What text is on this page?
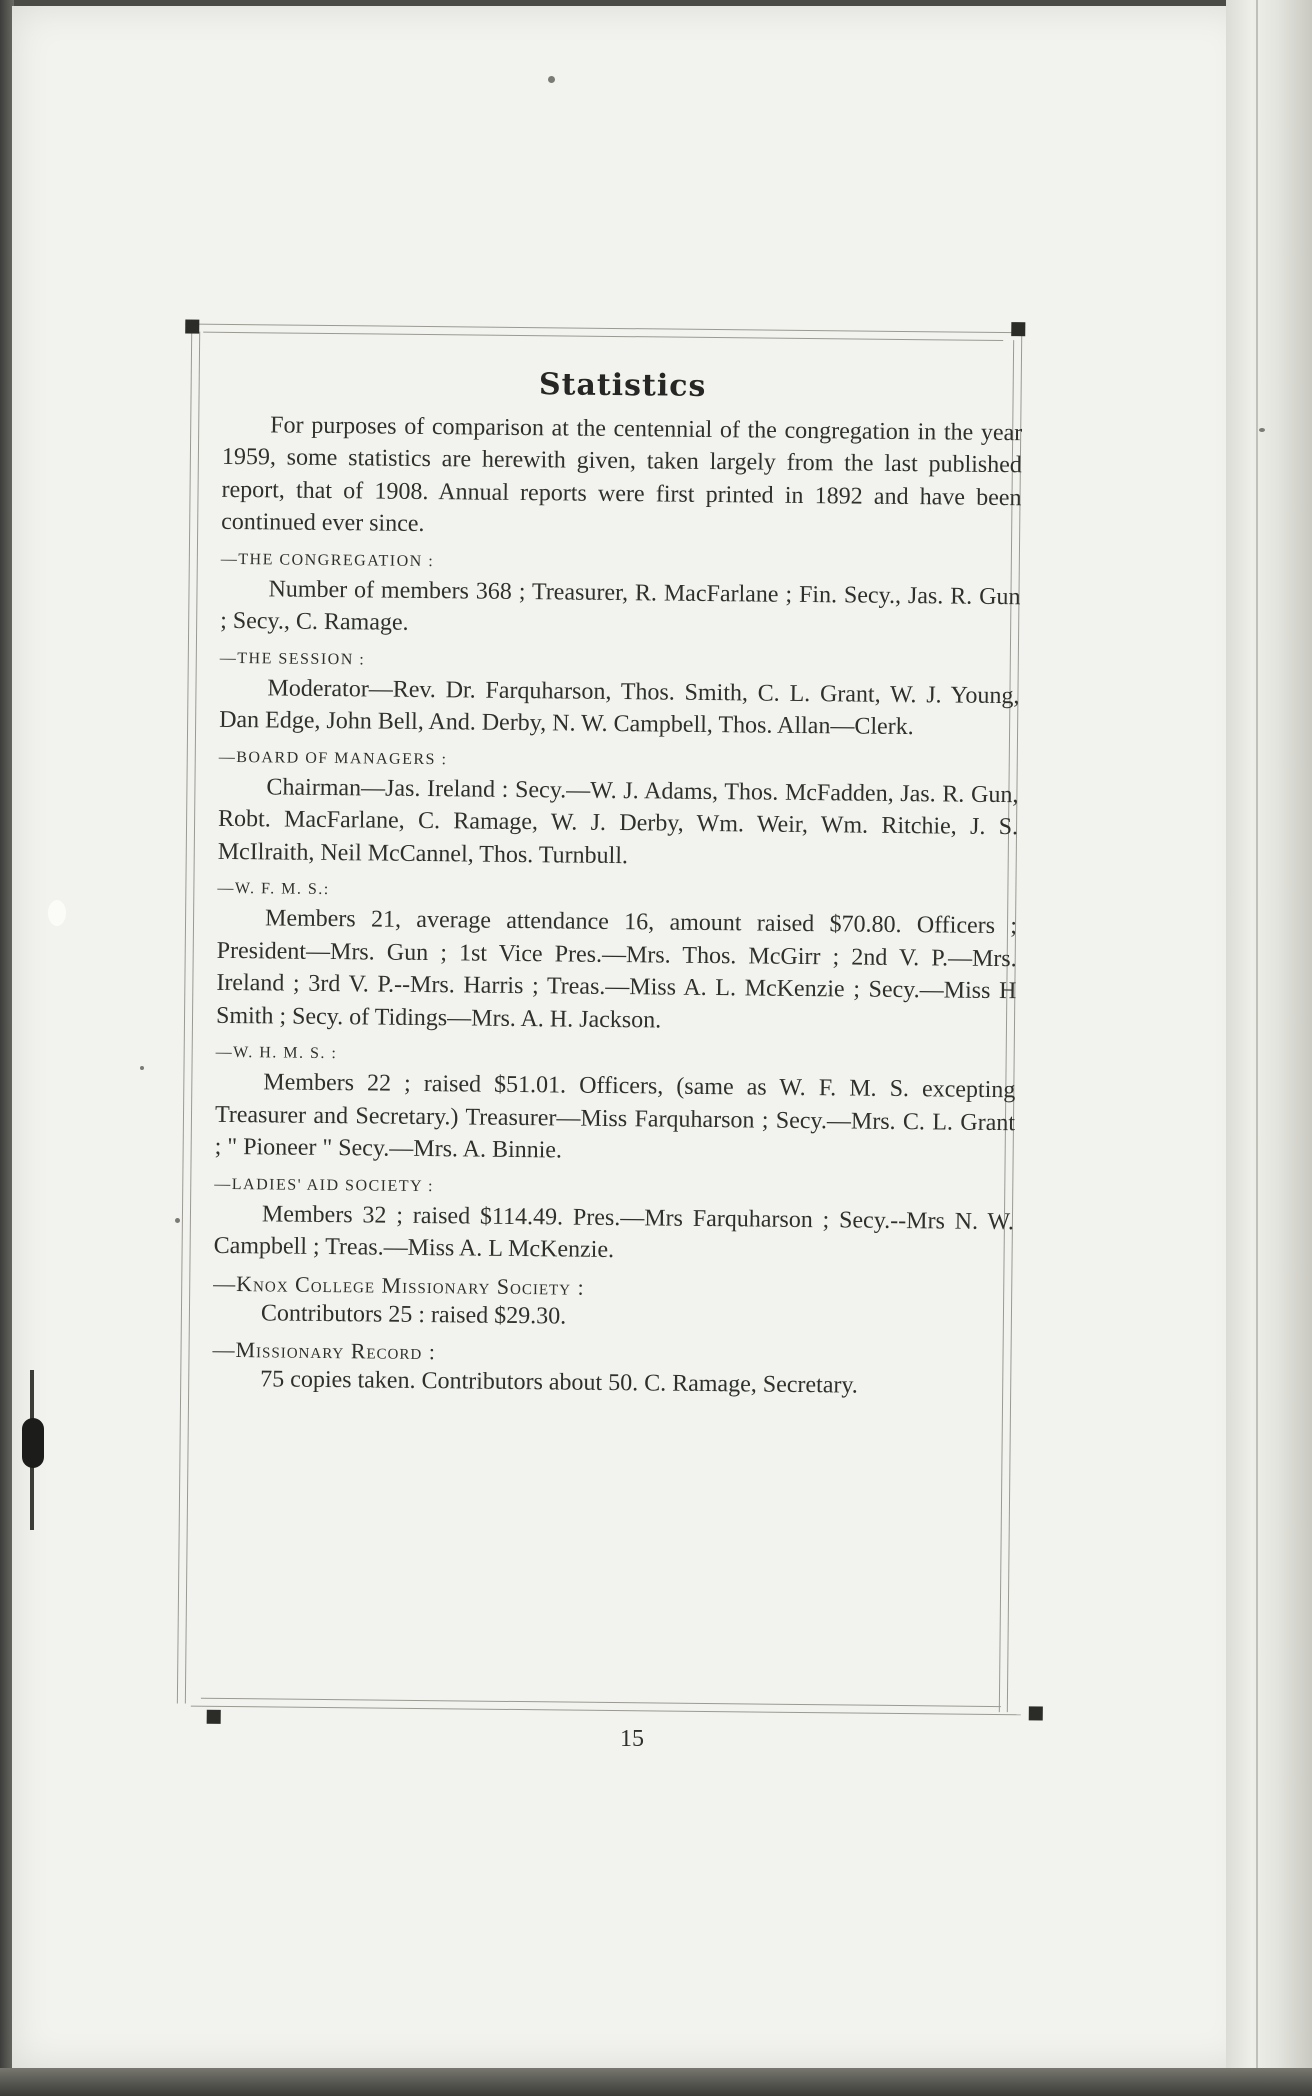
Statistics

For purposes of comparison at the centennial of the congregation in the year 1959, some statistics are herewith given, taken largely from the last published report, that of 1908. Annual reports were first printed in 1892 and have been continued ever since.

—THE CONGREGATION :

Number of members 368 ; Treasurer, R. MacFarlane ; Fin. Secy., Jas. R. Gun ; Secy., C. Ramage.

—THE SESSION :

Moderator—Rev. Dr. Farquharson, Thos. Smith, C. L. Grant, W. J. Young, Dan Edge, John Bell, And. Derby, N. W. Campbell, Thos. Allan—Clerk.

—BOARD OF MANAGERS :

Chairman—Jas. Ireland : Secy.—W. J. Adams, Thos. McFadden, Jas. R. Gun, Robt. MacFarlane, C. Ramage, W. J. Derby, Wm. Weir, Wm. Ritchie, J. S. McIlraith, Neil McCannel, Thos. Turnbull.

—W. F. M. S.:

Members 21, average attendance 16, amount raised $70.80. Officers ; President—Mrs. Gun ; 1st Vice Pres.—Mrs. Thos. McGirr ; 2nd V. P.—Mrs. Ireland ; 3rd V. P.--Mrs. Harris ; Treas.—Miss A. L. McKenzie ; Secy.—Miss H Smith ; Secy. of Tidings—Mrs. A. H. Jackson.

—W. H. M. S. :

Members 22 ; raised $51.01. Officers, (same as W. F. M. S. excepting Treasurer and Secretary.) Treasurer—Miss Farquharson ; Secy.—Mrs. C. L. Grant ; " Pioneer " Secy.—Mrs. A. Binnie.

—LADIES' AID SOCIETY :

Members 32 ; raised $114.49. Pres.—Mrs Farquharson ; Secy.--Mrs N. W. Campbell ; Treas.—Miss A. L McKenzie.

—Knox College Missionary Society :

Contributors 25 : raised $29.30.

—Missionary Record :

75 copies taken. Contributors about 50. C. Ramage, Secretary.

15
